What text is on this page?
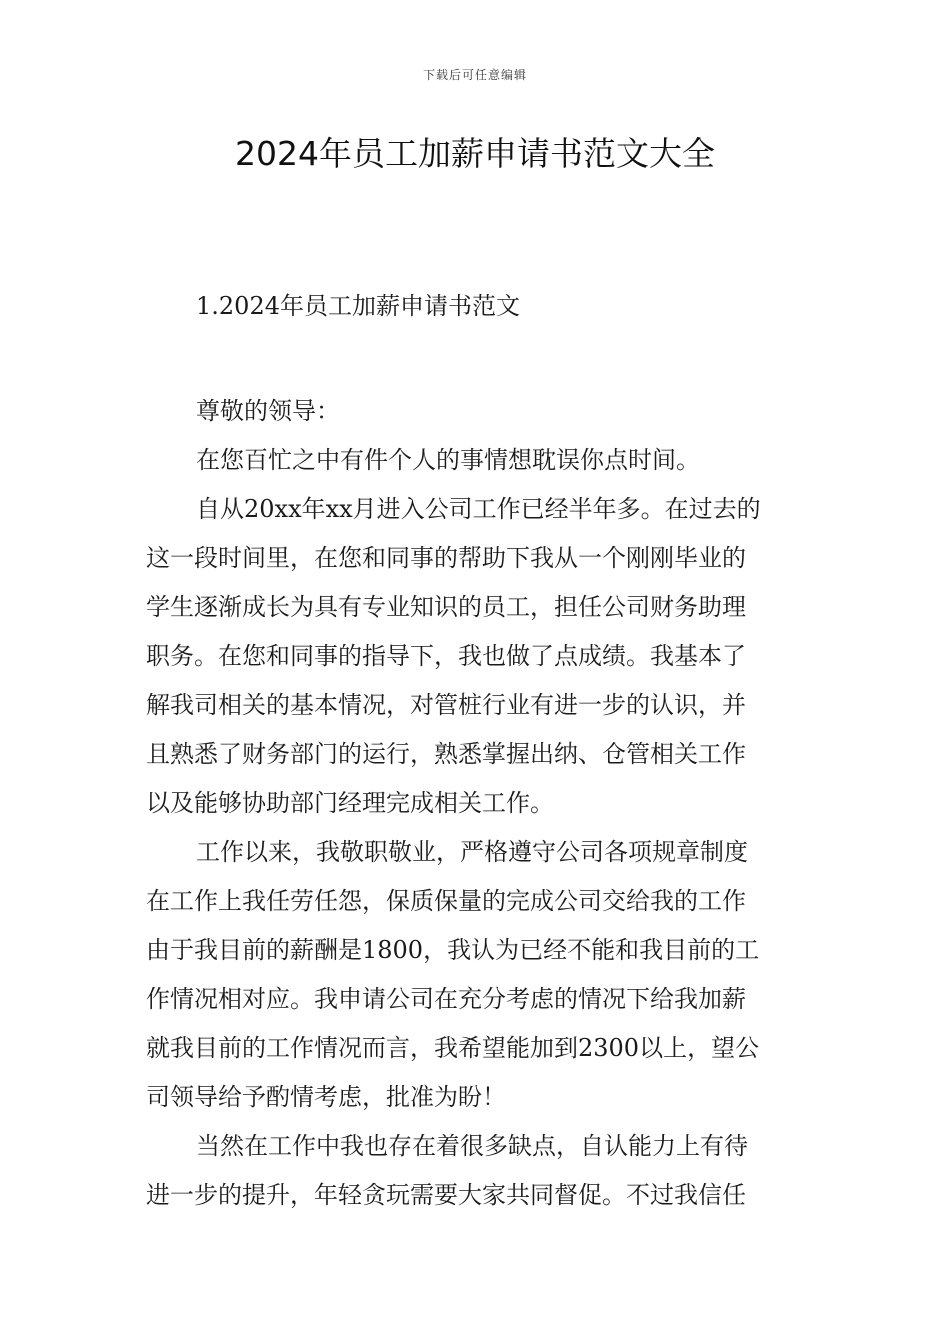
下载后可任意编辑
2024年员工加薪申请书范文大全
1.2024年员工加薪申请书范文

尊敬的领导：

在您百忙之中有件个人的事情想耽误你点时间。
自从20xx年xx月进入公司工作已经半年多。在过去的
这一段时间里，在您和同事的帮助下我从一个刚刚毕业的
学生逐渐成长为具有专业知识的员工，担任公司财务助理
职务。在您和同事的指导下，我也做了点成绩。我基本了
解我司相关的基本情况，对管桩行业有进一步的认识，并
且熟悉了财务部门的运行，熟悉掌握出纳、仓管相关工作
以及能够协助部门经理完成相关工作。
工作以来，我敬职敬业，严格遵守公司各项规章制度
在工作上我任劳任怨，保质保量的完成公司交给我的工作
由于我目前的薪酬是1800，我认为已经不能和我目前的工
作情况相对应。我申请公司在充分考虑的情况下给我加薪
就我目前的工作情况而言，我希望能加到2300以上，望公
司领导给予酌情考虑，批准为盼！
当然在工作中我也存在着很多缺点，自认能力上有待
进一步的提升，年轻贪玩需要大家共同督促。不过我信任
